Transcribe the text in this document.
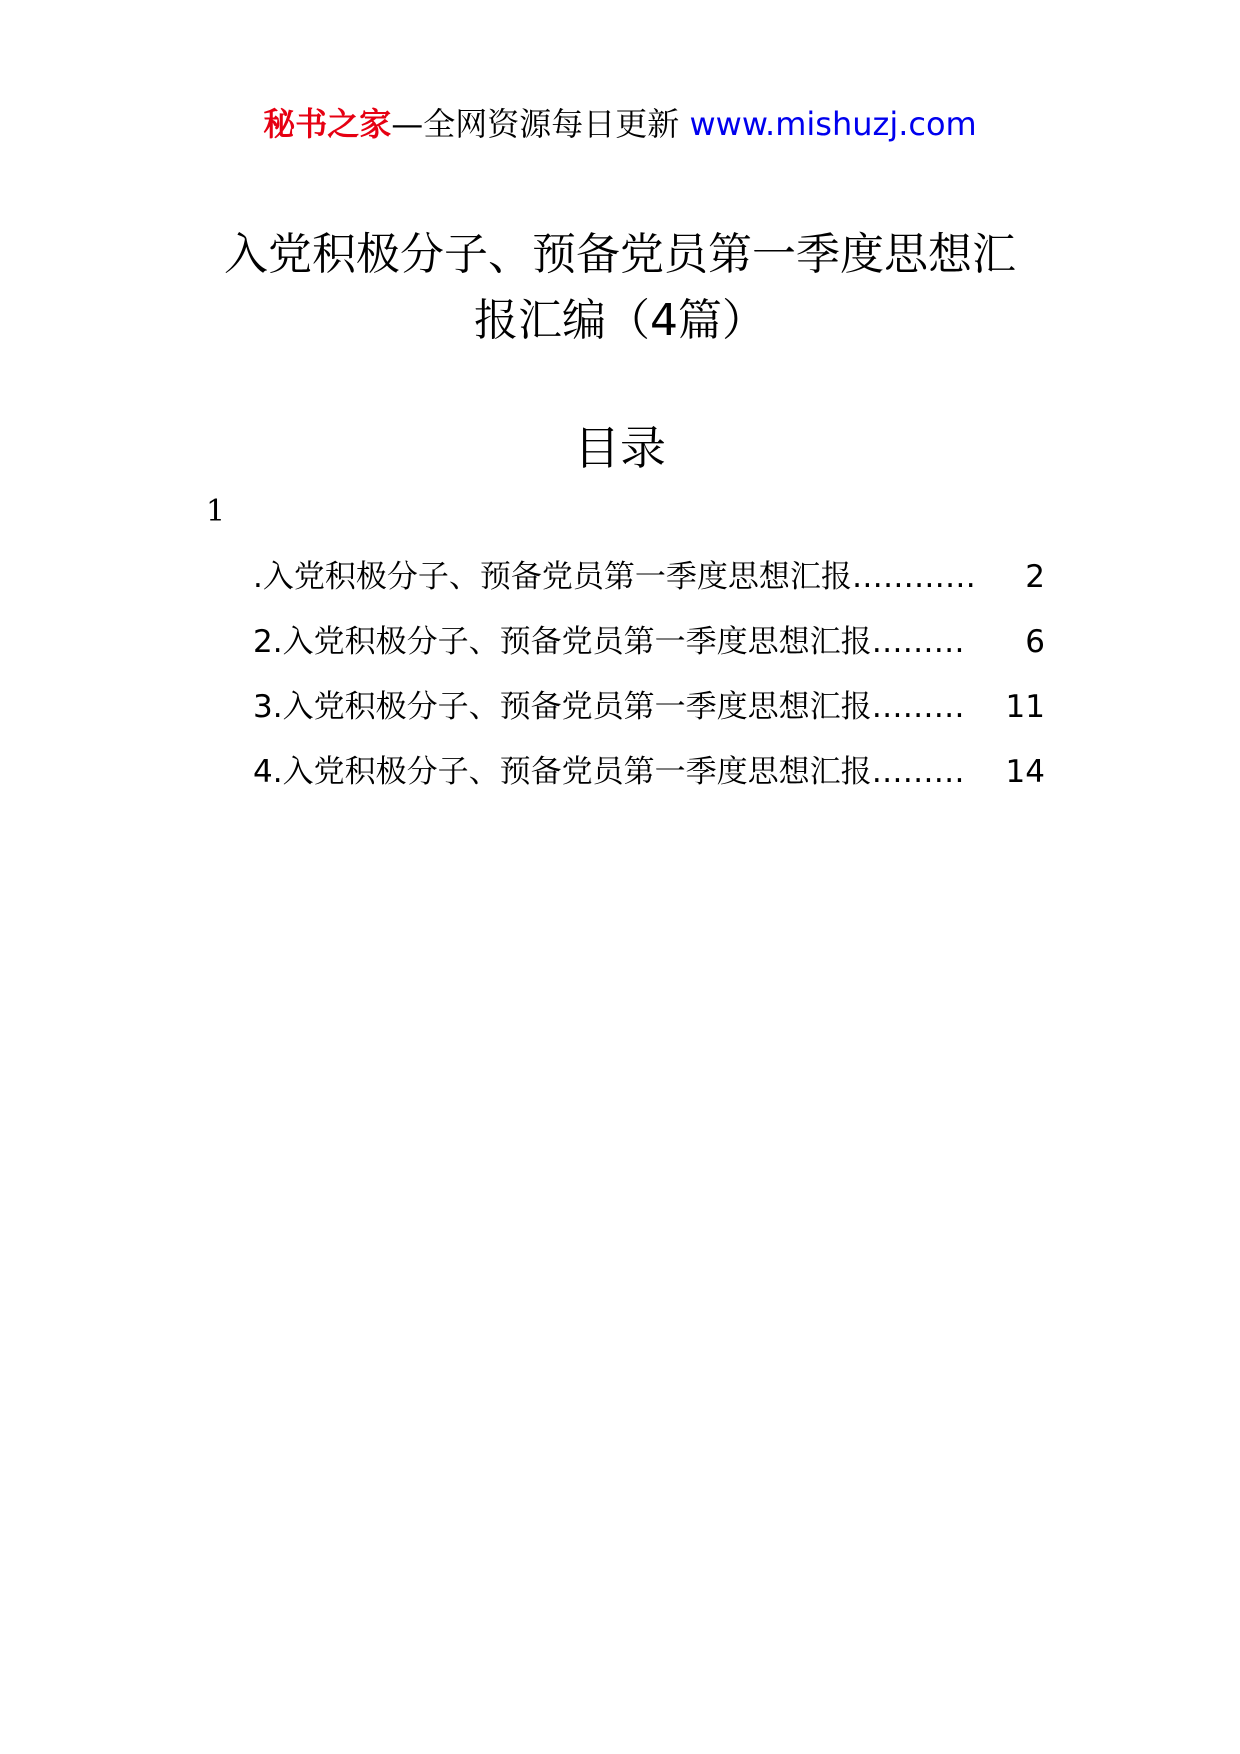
秘书之家—全网资源每日更新 www.mishuzj.com
入党积极分子、预备党员第一季度思想汇
报汇编（4篇）
目录
1
.入党积极分子、预备党员第一季度思想汇报…………	2
2.入党积极分子、预备党员第一季度思想汇报………	6
3.入党积极分子、预备党员第一季度思想汇报………	11
4.入党积极分子、预备党员第一季度思想汇报………	14
